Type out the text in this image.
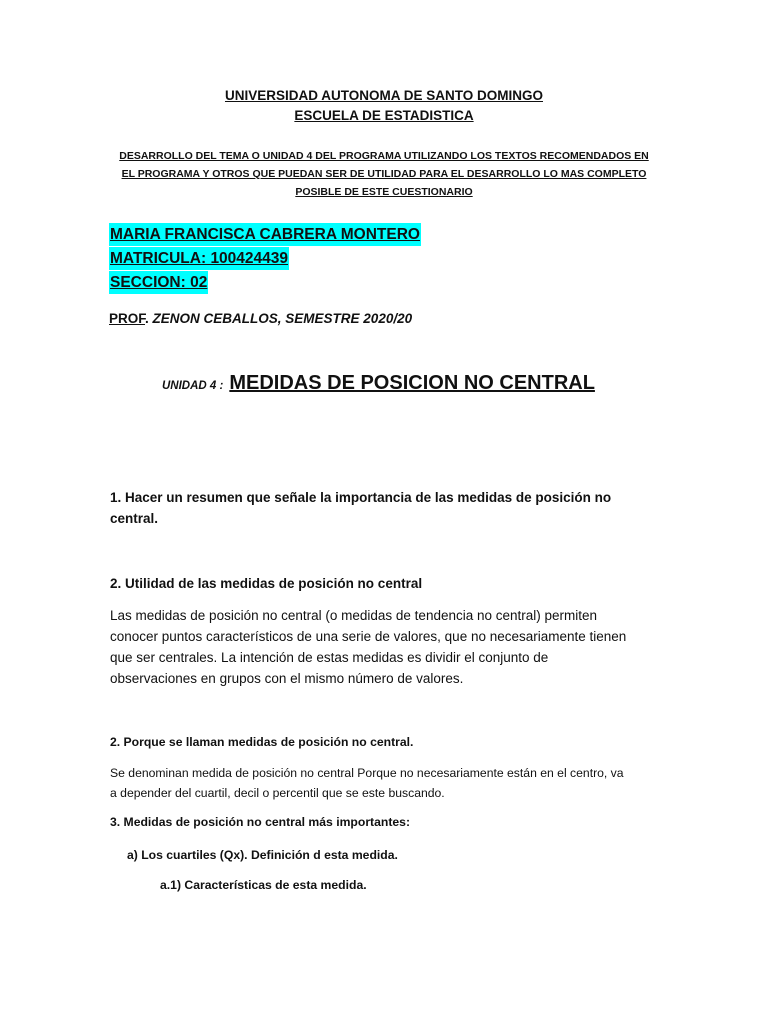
UNIVERSIDAD AUTONOMA DE SANTO DOMINGO
ESCUELA DE ESTADISTICA
DESARROLLO DEL TEMA O UNIDAD 4 DEL PROGRAMA UTILIZANDO LOS TEXTOS RECOMENDADOS EN
EL PROGRAMA Y OTROS QUE PUEDAN SER DE UTILIDAD PARA EL DESARROLLO LO MAS COMPLETO
POSIBLE DE ESTE CUESTIONARIO
MARIA FRANCISCA CABRERA MONTERO
MATRICULA: 100424439
SECCION: 02
PROF. ZENON CEBALLOS, SEMESTRE 2020/20
UNIDAD 4 : MEDIDAS DE POSICION NO CENTRAL
1. Hacer un resumen que señale la importancia de las medidas de posición no
central.
2. Utilidad de las medidas de posición no central
Las medidas de posición no central (o medidas de tendencia no central) permiten
conocer puntos característicos de una serie de valores, que no necesariamente tienen
que ser centrales. La intención de estas medidas es dividir el conjunto de
observaciones en grupos con el mismo número de valores.
2. Porque se llaman medidas de posición no central.
Se denominan medida de posición no central Porque no necesariamente están en el centro, va
a depender del cuartil, decil o percentil que se este buscando.
3. Medidas de posición no central más importantes:
a) Los cuartiles (Qx). Definición d esta medida.
a.1) Características de esta medida.
